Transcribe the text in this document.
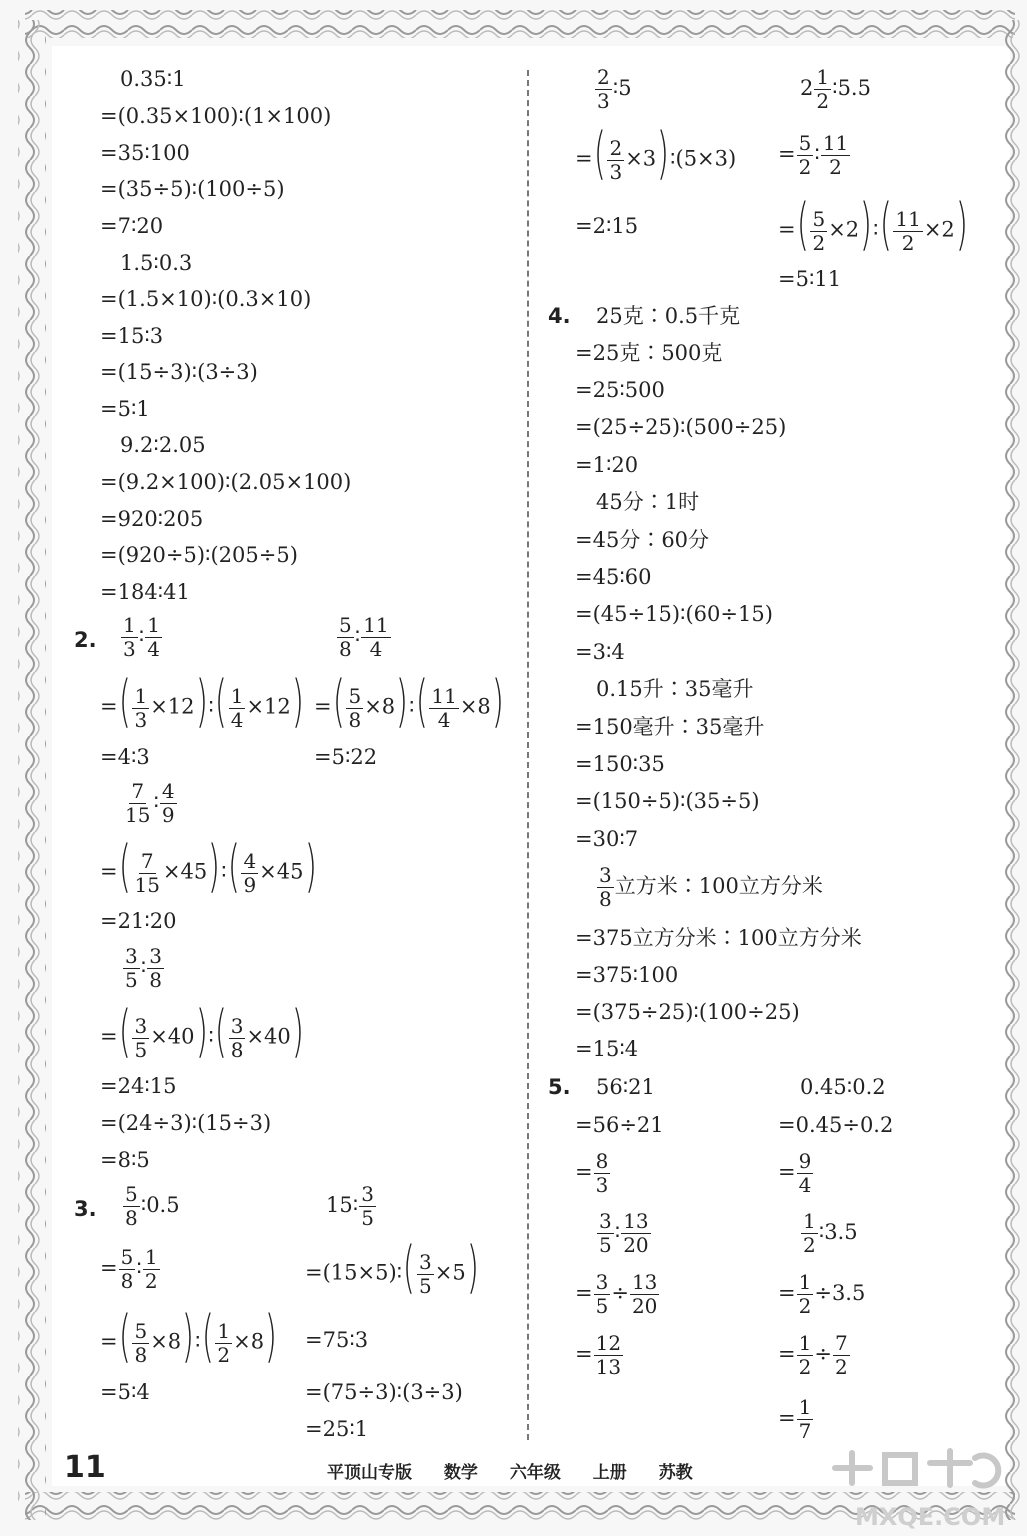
0.35∶1
=(0.35×100)∶(1×100)
=35∶100
=(35÷5)∶(100÷5)
=7∶20
1.5∶0.3
=(1.5×10)∶(0.3×10)
=15∶3
=(15÷3)∶(3÷3)
=5∶1
9.2∶2.05
=(9.2×100)∶(2.05×100)
=920∶205
=(920÷5)∶(205÷5)
=184∶41
2. $\frac{1}{3}$ ∶ $\frac{1}{4}$	$\frac{5}{8}$ ∶ $\frac{11}{4}$
=( $\frac{1}{3}$ ×12)∶( $\frac{1}{4} \times 12$) =( $\frac{5}{8}$ ×8)∶( $\frac{11}{4} \times 8$)
=4∶3	=5∶22
$\frac{7}{15}$ ∶ $\frac{4}{9}$
=( $\frac{7}{15}$ ×45)∶( $\frac{4}{9} \times 45$)
=21∶20
$\frac{3}{5}$ ∶ $\frac{3}{8}$
=( $\frac{3}{5}$ ×40)∶( $\frac{3}{8} \times 40$)
=24∶15
=(24÷3)∶(15÷3)
=8∶5
3. $\frac{5}{8}$ ∶0.5	15∶ $\frac{3}{5}$
= $\frac{5}{8}$ ∶ $\frac{1}{2}$	=(15×5)∶( $\frac{3}{5} \times 5$)
=( $\frac{5}{8}$ ×8)∶( $\frac{1}{2} \times 8$) =75∶3
=5∶4	=(75÷3)∶(3÷3)
=25∶1
$\frac{2}{3}$ ∶5	$2 \frac{1}{2}$ ∶5.5
=( $\frac{2}{3}$ ×3)∶(5×3) = $\frac{5}{2}$ ∶ $\frac{11}{2}$
=2∶15	=( $\frac{5}{2}$ ×2)∶( $\frac{11}{2} \times 2$)
=5∶11
4. 25克∶0.5千克
=25克∶500克
=25∶500
=(25÷25)∶(500÷25)
=1∶20
45分∶1时
=45分∶60分
=45∶60
=(45÷15)∶(60÷15)
=3∶4
0.15升∶35毫升
=150毫升∶35毫升
=150∶35
=(150÷5)∶(35÷5)
=30∶7
$\frac{3}{8}$ 立方米∶100立方分米
=375立方分米∶100立方分米
=375∶100
=(375÷25)∶(100÷25)
=15∶4
5. 56∶21	0.45∶0.2
=56÷21	=0.45÷0.2
= $\frac{8}{3}$	= $\frac{9}{4}$
$\frac{3}{5}$ ∶ $\frac{13}{20}$	$\frac{1}{2}$ ∶3.5
= $\frac{3}{5} \div \frac{13}{20}$	= $\frac{1}{2} \div 3.5$
= $\frac{12}{13}$	= $\frac{1}{2} \div \frac{7}{2}$
= $\frac{1}{7}$
11	平顶山专版 数学 六年级 上册 苏教
MXQE.COM
